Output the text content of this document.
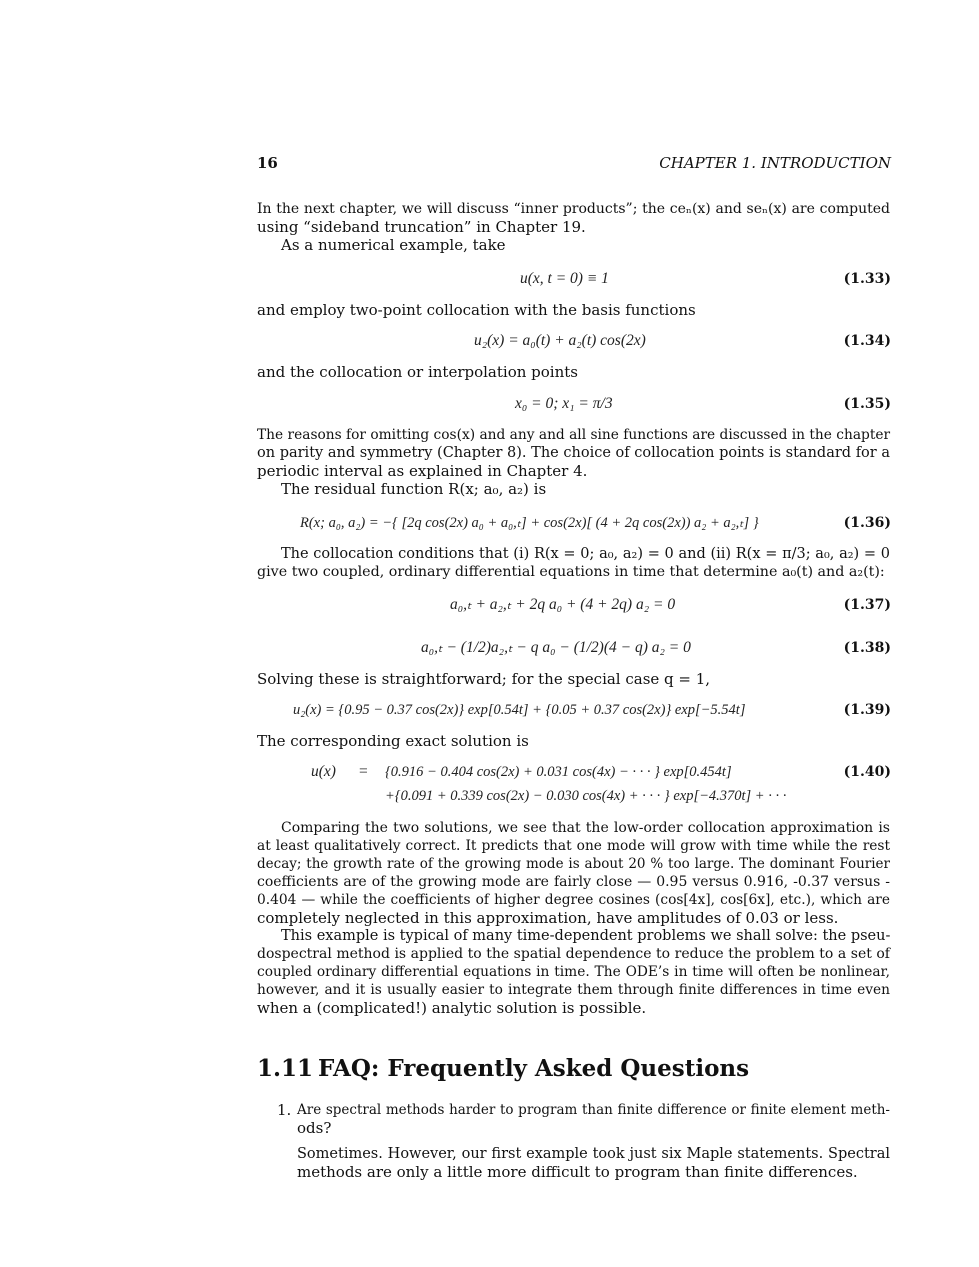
16	CHAPTER 1. INTRODUCTION
In the next chapter, we will discuss “inner products”; the ceₙ(x) and seₙ(x) are computed
using “sideband truncation” in Chapter 19.
As a numerical example, take
u(x, t = 0) ≡ 1	(1.33)
and employ two-point collocation with the basis functions
u₂(x) = a₀(t) + a₂(t) cos(2x)	(1.34)
and the collocation or interpolation points
x₀ = 0; x₁ = π/3	(1.35)
The reasons for omitting cos(x) and any and all sine functions are discussed in the chapter
on parity and symmetry (Chapter 8). The choice of collocation points is standard for a
periodic interval as explained in Chapter 4.
The residual function R(x; a₀, a₂) is
R(x; a₀, a₂) = −{ [2q cos(2x) a₀ + a₀,ₜ] + cos(2x)[ (4 + 2q cos(2x)) a₂ + a₂,ₜ] }	(1.36)
The collocation conditions that (i) R(x = 0; a₀, a₂) = 0 and (ii) R(x = π/3; a₀, a₂) = 0
give two coupled, ordinary differential equations in time that determine a₀(t) and a₂(t):
a₀,ₜ + a₂,ₜ + 2q a₀ + (4 + 2q) a₂ = 0	(1.37)
a₀,ₜ − (1/2)a₂,ₜ − q a₀ − (1/2)(4 − q) a₂ = 0	(1.38)
Solving these is straightforward; for the special case q = 1,
u₂(x) = {0.95 − 0.37 cos(2x)} exp[0.54t] + {0.05 + 0.37 cos(2x)} exp[−5.54t]	(1.39)
The corresponding exact solution is
u(x) = {0.916 − 0.404 cos(2x) + 0.031 cos(4x) − · · · } exp[0.454t]
+{0.091 + 0.339 cos(2x) − 0.030 cos(4x) + · · · } exp[−4.370t] + · · ·
(1.40)
Comparing the two solutions, we see that the low-order collocation approximation is
at least qualitatively correct. It predicts that one mode will grow with time while the rest
decay; the growth rate of the growing mode is about 20 % too large. The dominant Fourier
coefficients are of the growing mode are fairly close — 0.95 versus 0.916, -0.37 versus -
0.404 — while the coefficients of higher degree cosines (cos[4x], cos[6x], etc.), which are
completely neglected in this approximation, have amplitudes of 0.03 or less.
This example is typical of many time-dependent problems we shall solve: the pseu-
dospectral method is applied to the spatial dependence to reduce the problem to a set of
coupled ordinary differential equations in time. The ODE’s in time will often be nonlinear,
however, and it is usually easier to integrate them through finite differences in time even
when a (complicated!) analytic solution is possible.
1.11 FAQ: Frequently Asked Questions
1. Are spectral methods harder to program than finite difference or finite element meth-
ods?
Sometimes. However, our first example took just six Maple statements. Spectral
methods are only a little more difficult to program than finite differences.
